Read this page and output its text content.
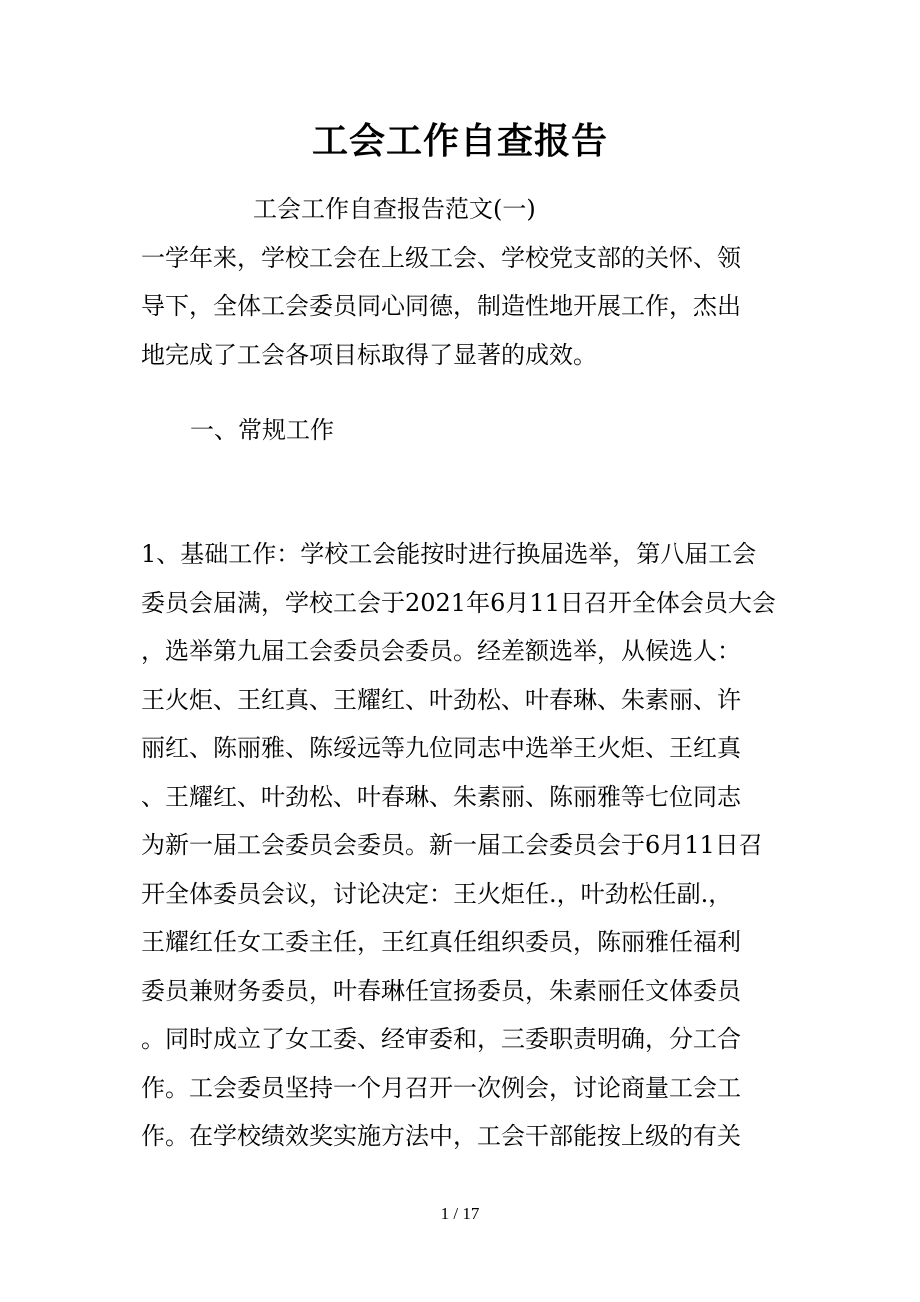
工会工作自查报告
工会工作自查报告范文(一)
一学年来，学校工会在上级工会、学校党支部的关怀、领
导下，全体工会委员同心同德，制造性地开展工作，杰出
地完成了工会各项目标取得了显著的成效。
一、常规工作
1、基础工作：学校工会能按时进行换届选举，第八届工会
委员会届满，学校工会于2021年6月11日召开全体会员大会
，选举第九届工会委员会委员。经差额选举，从候选人：
王火炬、王红真、王耀红、叶劲松、叶春琳、朱素丽、许
丽红、陈丽雅、陈绥远等九位同志中选举王火炬、王红真
、王耀红、叶劲松、叶春琳、朱素丽、陈丽雅等七位同志
为新一届工会委员会委员。新一届工会委员会于6月11日召
开全体委员会议，讨论决定：王火炬任.，叶劲松任副.，
王耀红任女工委主任，王红真任组织委员，陈丽雅任福利
委员兼财务委员，叶春琳任宣扬委员，朱素丽任文体委员
。同时成立了女工委、经审委和，三委职责明确，分工合
作。工会委员坚持一个月召开一次例会，讨论商量工会工
作。在学校绩效奖实施方法中，工会干部能按上级的有关
1 / 17
